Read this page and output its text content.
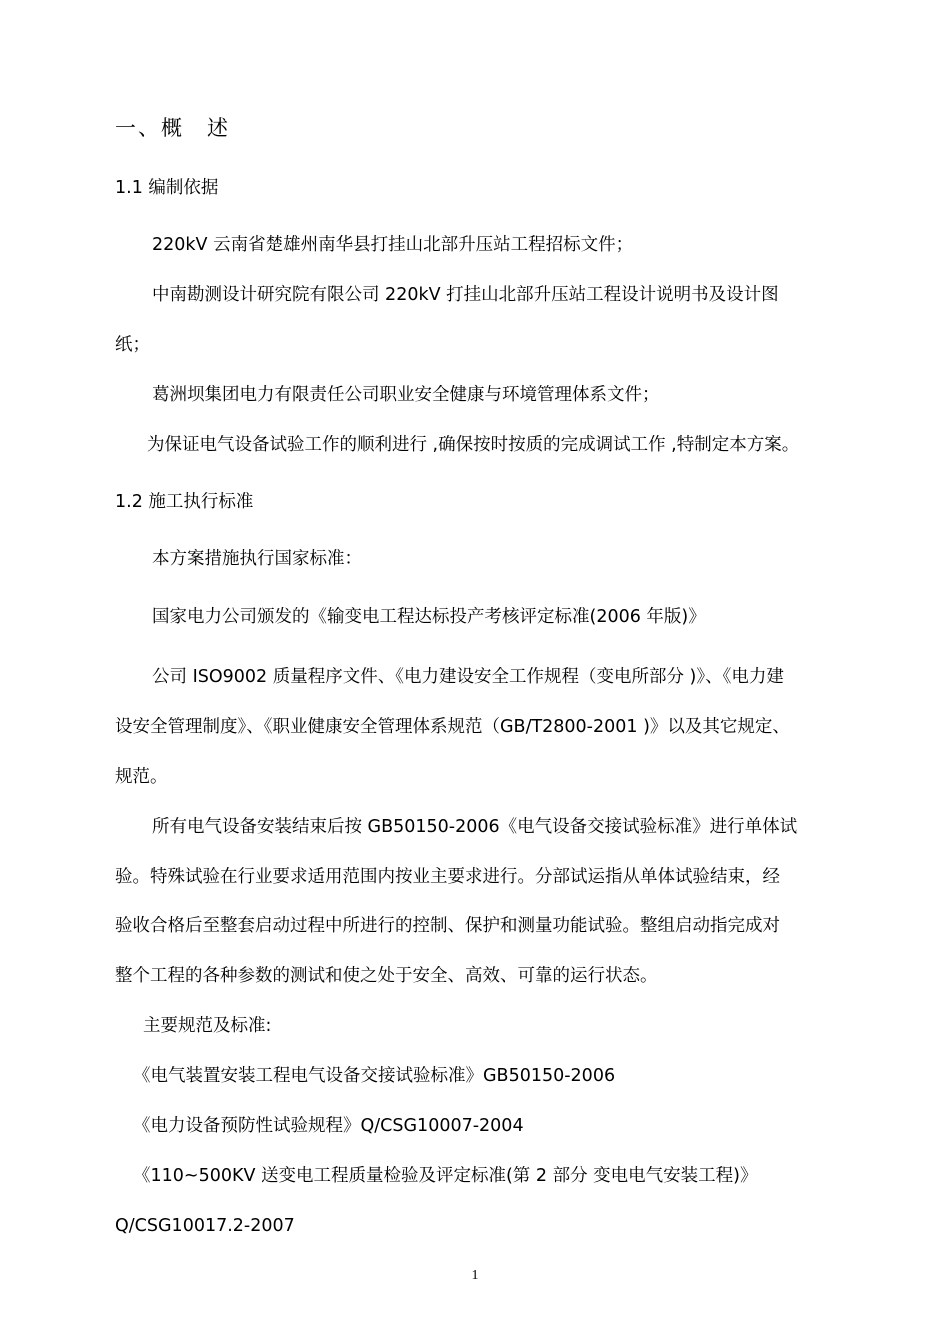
一、概　述
1.1 编制依据
220kV 云南省楚雄州南华县打挂山北部升压站工程招标文件；
中南勘测设计研究院有限公司 220kV 打挂山北部升压站工程设计说明书及设计图
纸；
葛洲坝集团电力有限责任公司职业安全健康与环境管理体系文件；
为保证电气设备试验工作的顺利进行 ,确保按时按质的完成调试工作 ,特制定本方案。
1.2 施工执行标准
本方案措施执行国家标准：
国家电力公司颁发的《输变电工程达标投产考核评定标准(2006 年版)》
公司 ISO9002 质量程序文件、《电力建设安全工作规程（变电所部分 )》、《电力建
设安全管理制度》、《职业健康安全管理体系规范（GB/T2800-2001 )》以及其它规定、
规范。
所有电气设备安装结束后按 GB50150-2006《电气设备交接试验标准》进行单体试
验。特殊试验在行业要求适用范围内按业主要求进行。分部试运指从单体试验结束，经
验收合格后至整套启动过程中所进行的控制、保护和测量功能试验。整组启动指完成对
整个工程的各种参数的测试和使之处于安全、高效、可靠的运行状态。
主要规范及标准:
《电气装置安装工程电气设备交接试验标准》GB50150-2006
《电力设备预防性试验规程》Q/CSG10007-2004
《110~500KV 送变电工程质量检验及评定标准(第 2 部分 变电电气安装工程)》
Q/CSG10017.2-2007
1
